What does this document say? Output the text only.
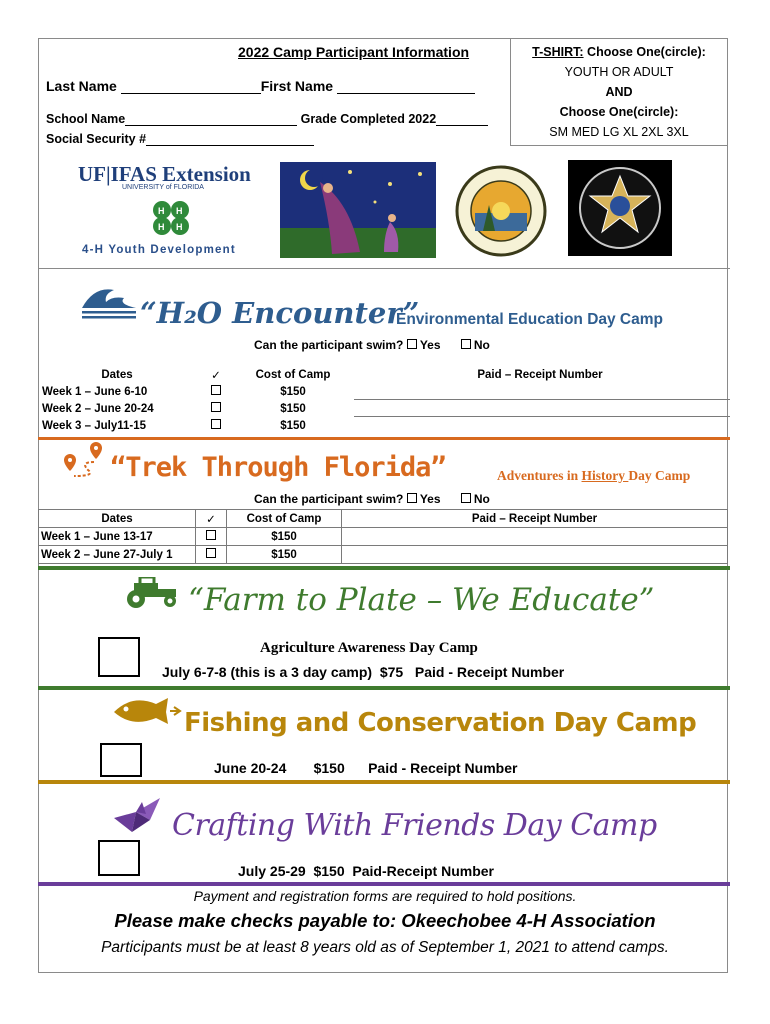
2022 Camp Participant Information
Last Name	First Name
School Name	Grade Completed 2022
Social Security #
T-SHIRT: Choose One(circle):
YOUTH OR ADULT
AND
Choose One(circle):
SM MED LG XL 2XL 3XL
UF|IFAS Extension
UNIVERSITY of FLORIDA
H H
H H
4-H Youth Development
“H₂O Encounter”
Environmental Education Day Camp
Can the participant swim? Yes	No
Dates	✓	Cost of Camp	Paid – Receipt Number
Week 1 – June 6-10		$150	

Week 2 – June 20-24		$150	

Week 3 – July11-15		$150	
“Trek Through Florida”	Adventures in History Day Camp
Can the participant swim? Yes	No
Dates	✓	Cost of Camp	Paid – Receipt Number
Week 1 – June 13-17		$150	
Week 2 – June 27-July 1		$150	
“Farm to Plate – We Educate”
Agriculture Awareness Day Camp
July 6-7-8 (this is a 3 day camp)  $75   Paid - Receipt Number
Fishing and Conservation Day Camp
June 20-24       $150      Paid - Receipt Number
Crafting With Friends Day Camp
July 25-29  $150  Paid-Receipt Number
Payment and registration forms are required to hold positions.
Please make checks payable to: Okeechobee 4-H Association
Participants must be at least 8 years old as of September 1, 2021 to attend camps.
